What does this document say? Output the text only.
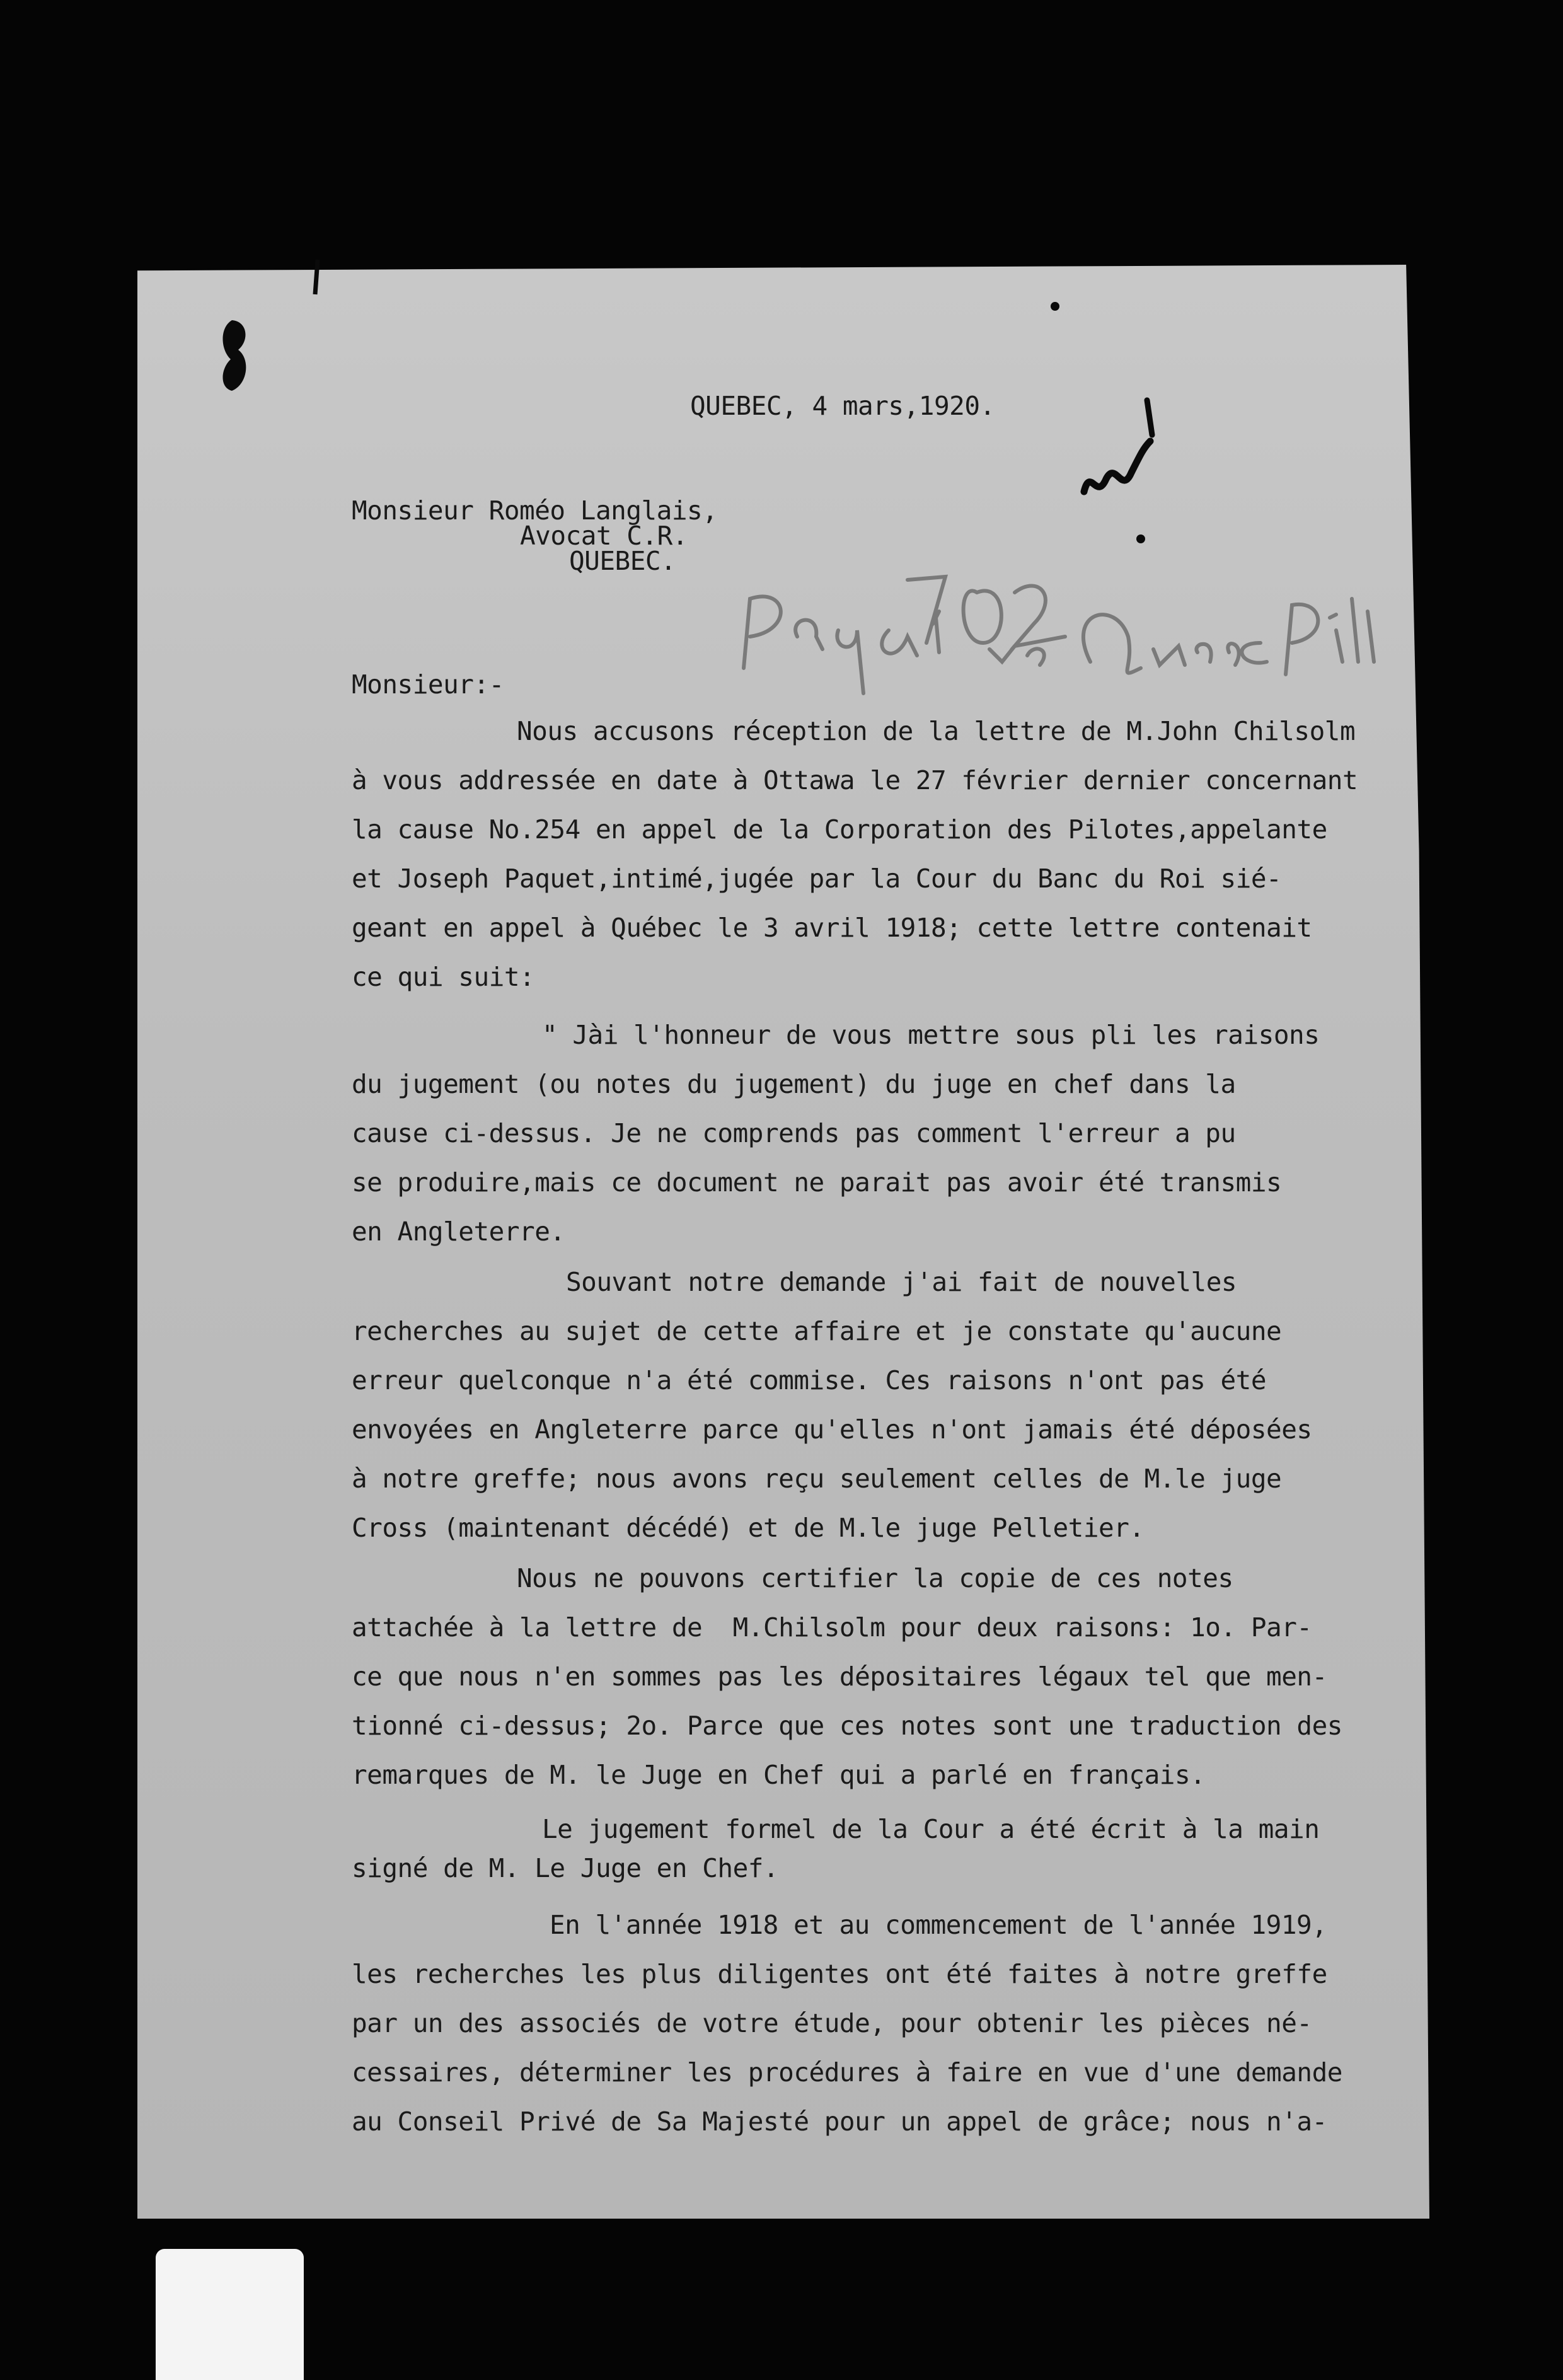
QUEBEC, 4 mars,1920.

Monsieur Roméo Langlais,

Avocat C.R.

QUEBEC.

Monsieur:-

Nous accusons réception de la lettre de M.John Chilsolm

à vous addressée en date à Ottawa le 27 février dernier concernant

la cause No.254 en appel de la Corporation des Pilotes,appelante

et Joseph Paquet,intimé,jugée par la Cour du Banc du Roi sié-

geant en appel à Québec le 3 avril 1918; cette lettre contenait

ce qui suit:

" Jài l'honneur de vous mettre sous pli les raisons

du jugement (ou notes du jugement) du juge en chef dans la

cause ci-dessus. Je ne comprends pas comment l'erreur a pu

se produire,mais ce document ne parait pas avoir été transmis

en Angleterre.

Souvant notre demande j'ai fait de nouvelles

recherches au sujet de cette affaire et je constate qu'aucune

erreur quelconque n'a été commise. Ces raisons n'ont pas été

envoyées en Angleterre parce qu'elles n'ont jamais été déposées

à notre greffe; nous avons reçu seulement celles de M.le juge

Cross (maintenant décédé) et de M.le juge Pelletier.

Nous ne pouvons certifier la copie de ces notes

attachée à la lettre de  M.Chilsolm pour deux raisons: 1o. Par-

ce que nous n'en sommes pas les dépositaires légaux tel que men-

tionné ci-dessus; 2o. Parce que ces notes sont une traduction des

remarques de M. le Juge en Chef qui a parlé en français.

Le jugement formel de la Cour a été écrit à la main

signé de M. Le Juge en Chef.

En l'année 1918 et au commencement de l'année 1919,

les recherches les plus diligentes ont été faites à notre greffe

par un des associés de votre étude, pour obtenir les pièces né-

cessaires, déterminer les procédures à faire en vue d'une demande

au Conseil Privé de Sa Majesté pour un appel de grâce; nous n'a-
